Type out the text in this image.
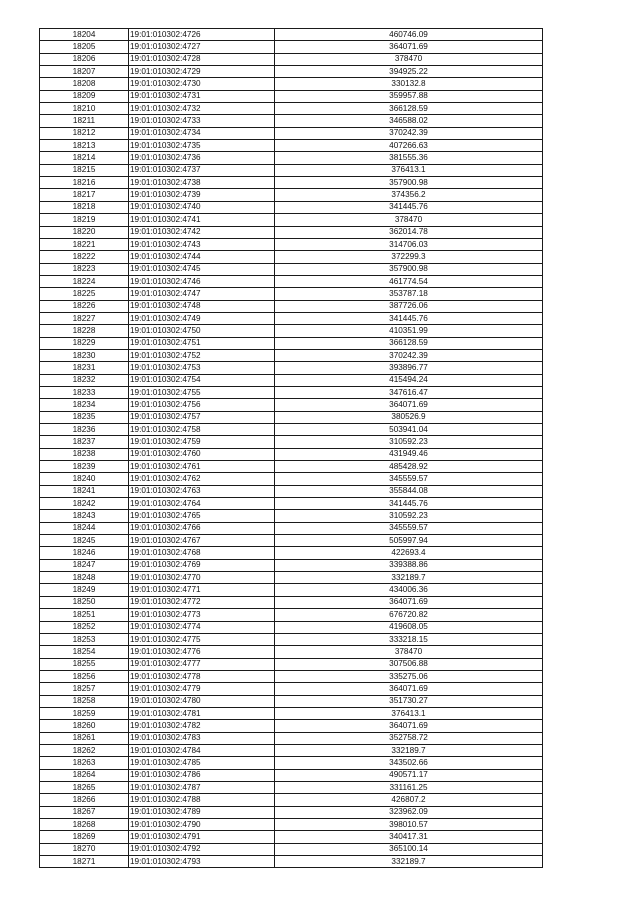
18204	19:01:010302:4726	460746.09
18205	19:01:010302:4727	364071.69
18206	19:01:010302:4728	378470
18207	19:01:010302:4729	394925.22
18208	19:01:010302:4730	330132.8
18209	19:01:010302:4731	359957.88
18210	19:01:010302:4732	366128.59
18211	19:01:010302:4733	346588.02
18212	19:01:010302:4734	370242.39
18213	19:01:010302:4735	407266.63
18214	19:01:010302:4736	381555.36
18215	19:01:010302:4737	376413.1
18216	19:01:010302:4738	357900.98
18217	19:01:010302:4739	374356.2
18218	19:01:010302:4740	341445.76
18219	19:01:010302:4741	378470
18220	19:01:010302:4742	362014.78
18221	19:01:010302:4743	314706.03
18222	19:01:010302:4744	372299.3
18223	19:01:010302:4745	357900.98
18224	19:01:010302:4746	461774.54
18225	19:01:010302:4747	353787.18
18226	19:01:010302:4748	387726.06
18227	19:01:010302:4749	341445.76
18228	19:01:010302:4750	410351.99
18229	19:01:010302:4751	366128.59
18230	19:01:010302:4752	370242.39
18231	19:01:010302:4753	393896.77
18232	19:01:010302:4754	415494.24
18233	19:01:010302:4755	347616.47
18234	19:01:010302:4756	364071.69
18235	19:01:010302:4757	380526.9
18236	19:01:010302:4758	503941.04
18237	19:01:010302:4759	310592.23
18238	19:01:010302:4760	431949.46
18239	19:01:010302:4761	485428.92
18240	19:01:010302:4762	345559.57
18241	19:01:010302:4763	355844.08
18242	19:01:010302:4764	341445.76
18243	19:01:010302:4765	310592.23
18244	19:01:010302:4766	345559.57
18245	19:01:010302:4767	505997.94
18246	19:01:010302:4768	422693.4
18247	19:01:010302:4769	339388.86
18248	19:01:010302:4770	332189.7
18249	19:01:010302:4771	434006.36
18250	19:01:010302:4772	364071.69
18251	19:01:010302:4773	676720.82
18252	19:01:010302:4774	419608.05
18253	19:01:010302:4775	333218.15
18254	19:01:010302:4776	378470
18255	19:01:010302:4777	307506.88
18256	19:01:010302:4778	335275.06
18257	19:01:010302:4779	364071.69
18258	19:01:010302:4780	351730.27
18259	19:01:010302:4781	376413.1
18260	19:01:010302:4782	364071.69
18261	19:01:010302:4783	352758.72
18262	19:01:010302:4784	332189.7
18263	19:01:010302:4785	343502.66
18264	19:01:010302:4786	490571.17
18265	19:01:010302:4787	331161.25
18266	19:01:010302:4788	426807.2
18267	19:01:010302:4789	323962.09
18268	19:01:010302:4790	398010.57
18269	19:01:010302:4791	340417.31
18270	19:01:010302:4792	365100.14
18271	19:01:010302:4793	332189.7
